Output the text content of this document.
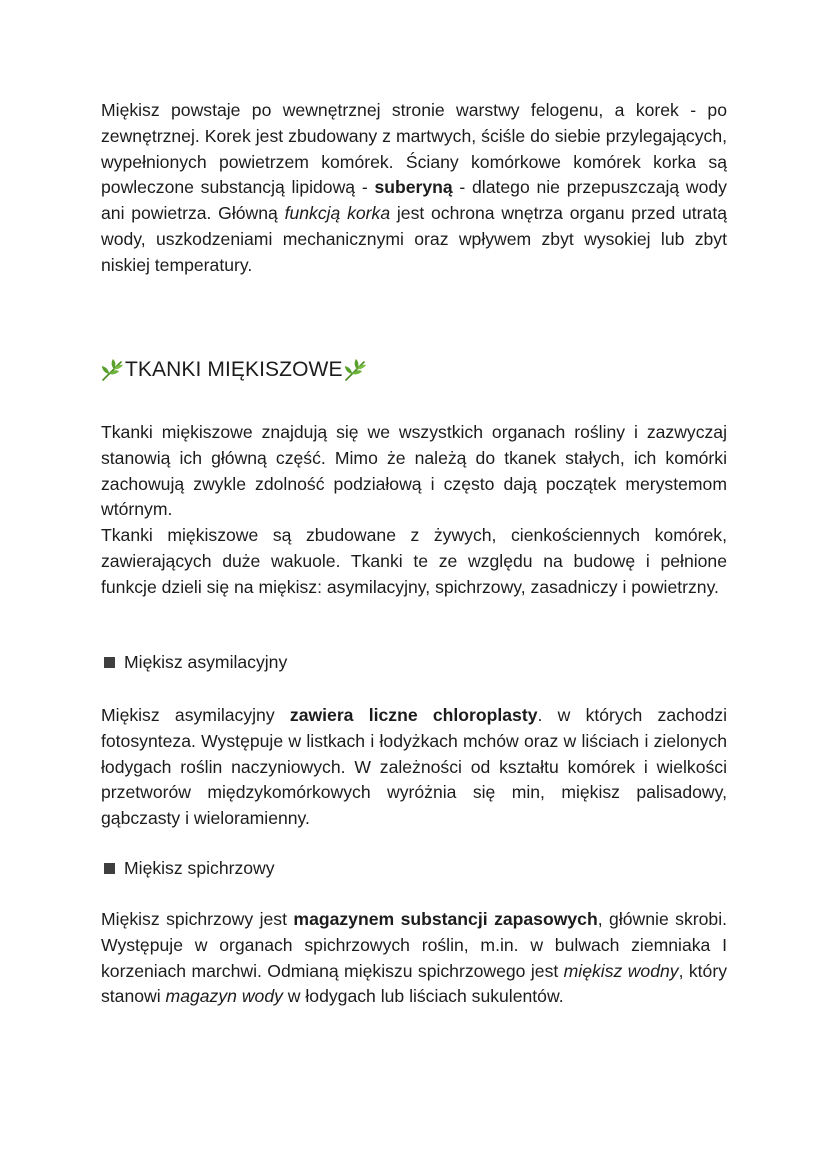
Miękisz powstaje po wewnętrznej stronie warstwy felogenu, a korek - po zewnętrznej. Korek jest zbudowany z martwych, ściśle do siebie przylegających, wypełnionych powietrzem komórek. Ściany komórkowe komórek korka są powleczone substancją lipidową - suberyną - dlatego nie przepuszczają wody ani powietrza. Główną funkcją korka jest ochrona wnętrza organu przed utratą wody, uszkodzeniami mechanicznymi oraz wpływem zbyt wysokiej lub zbyt niskiej temperatury.

TKANKI MIĘKISZOWE

Tkanki miękiszowe znajdują się we wszystkich organach rośliny i zazwyczaj stanowią ich główną część. Mimo że należą do tkanek stałych, ich komórki zachowują zwykle zdolność podziałową i często dają początek merystemom wtórnym.

Tkanki miękiszowe są zbudowane z żywych, cienkościennych komórek, zawierających duże wakuole. Tkanki te ze względu na budowę i pełnione funkcje dzieli się na miękisz: asymilacyjny, spichrzowy, zasadniczy i powietrzny.

Miękisz asymilacyjny

Miękisz asymilacyjny zawiera liczne chloroplasty. w których zachodzi fotosynteza. Występuje w listkach i łodyżkach mchów oraz w liściach i zielonych łodygach roślin naczyniowych. W zależności od kształtu komórek i wielkości przetworów międzykomórkowych wyróżnia się min, miękisz palisadowy, gąbczasty i wieloramienny.

Miękisz spichrzowy

Miękisz spichrzowy jest magazynem substancji zapasowych, głównie skrobi. Występuje w organach spichrzowych roślin, m.in. w bulwach ziemniaka I korzeniach marchwi. Odmianą miękiszu spichrzowego jest miękisz wodny, który stanowi magazyn wody w łodygach lub liściach sukulentów.
